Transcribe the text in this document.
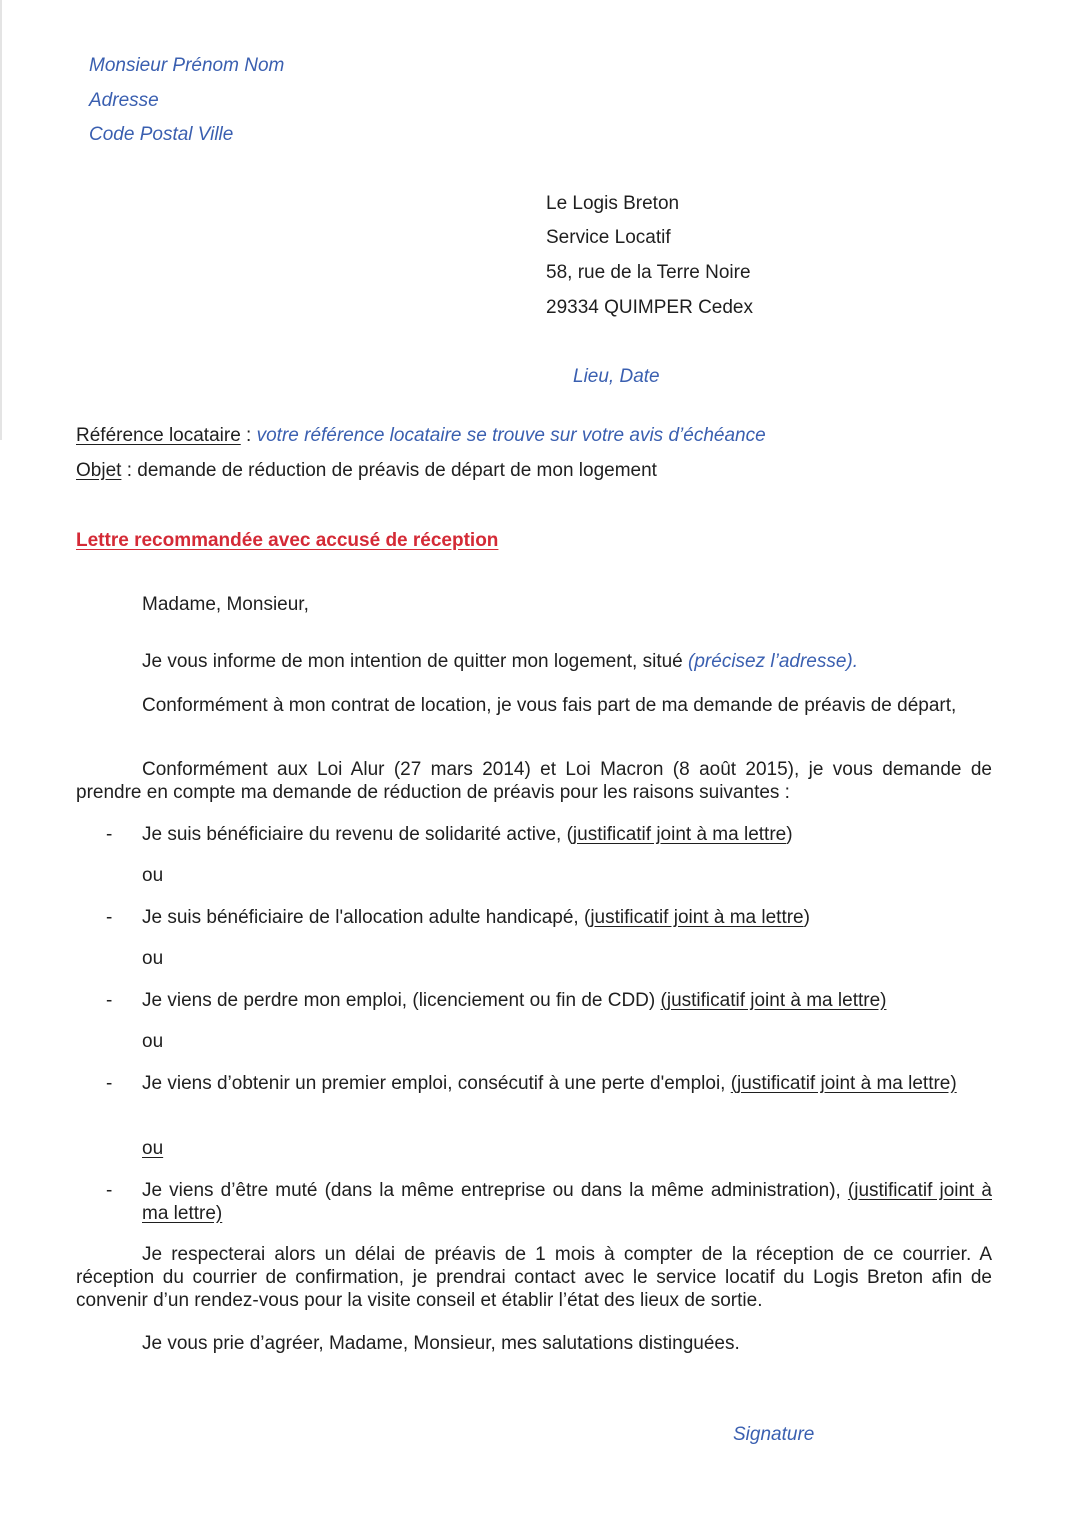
Monsieur Prénom Nom
Adresse
Code Postal Ville
Le Logis Breton
Service Locatif
58, rue de la Terre Noire
29334 QUIMPER Cedex
Lieu, Date
Référence locataire : votre référence locataire se trouve sur votre avis d’échéance
Objet : demande de réduction de préavis de départ de mon logement
Lettre recommandée avec accusé de réception
Madame, Monsieur,
Je vous informe de mon intention de quitter mon logement, situé (précisez l’adresse).
Conformément à mon contrat de location, je vous fais part de ma demande de préavis de départ,
Conformément aux Loi Alur (27 mars 2014) et Loi Macron (8 août 2015), je vous demande de prendre en compte ma demande de réduction de préavis pour les raisons suivantes :
- Je suis bénéficiaire du revenu de solidarité active, (justificatif joint à ma lettre)
ou
- Je suis bénéficiaire de l'allocation adulte handicapé, (justificatif joint à ma lettre)
ou
- Je viens de perdre mon emploi, (licenciement ou fin de CDD) (justificatif joint à ma lettre)
ou
- Je viens d’obtenir un premier emploi, consécutif à une perte d'emploi, (justificatif joint à ma lettre)
ou
- Je viens d’être muté (dans la même entreprise ou dans la même administration), (justificatif joint à ma lettre)
Je respecterai alors un délai de préavis de 1 mois à compter de la réception de ce courrier. A réception du courrier de confirmation, je prendrai contact avec le service locatif du Logis Breton afin de convenir d’un rendez-vous pour la visite conseil et établir l’état des lieux de sortie.
Je vous prie d’agréer, Madame, Monsieur, mes salutations distinguées.
Signature
